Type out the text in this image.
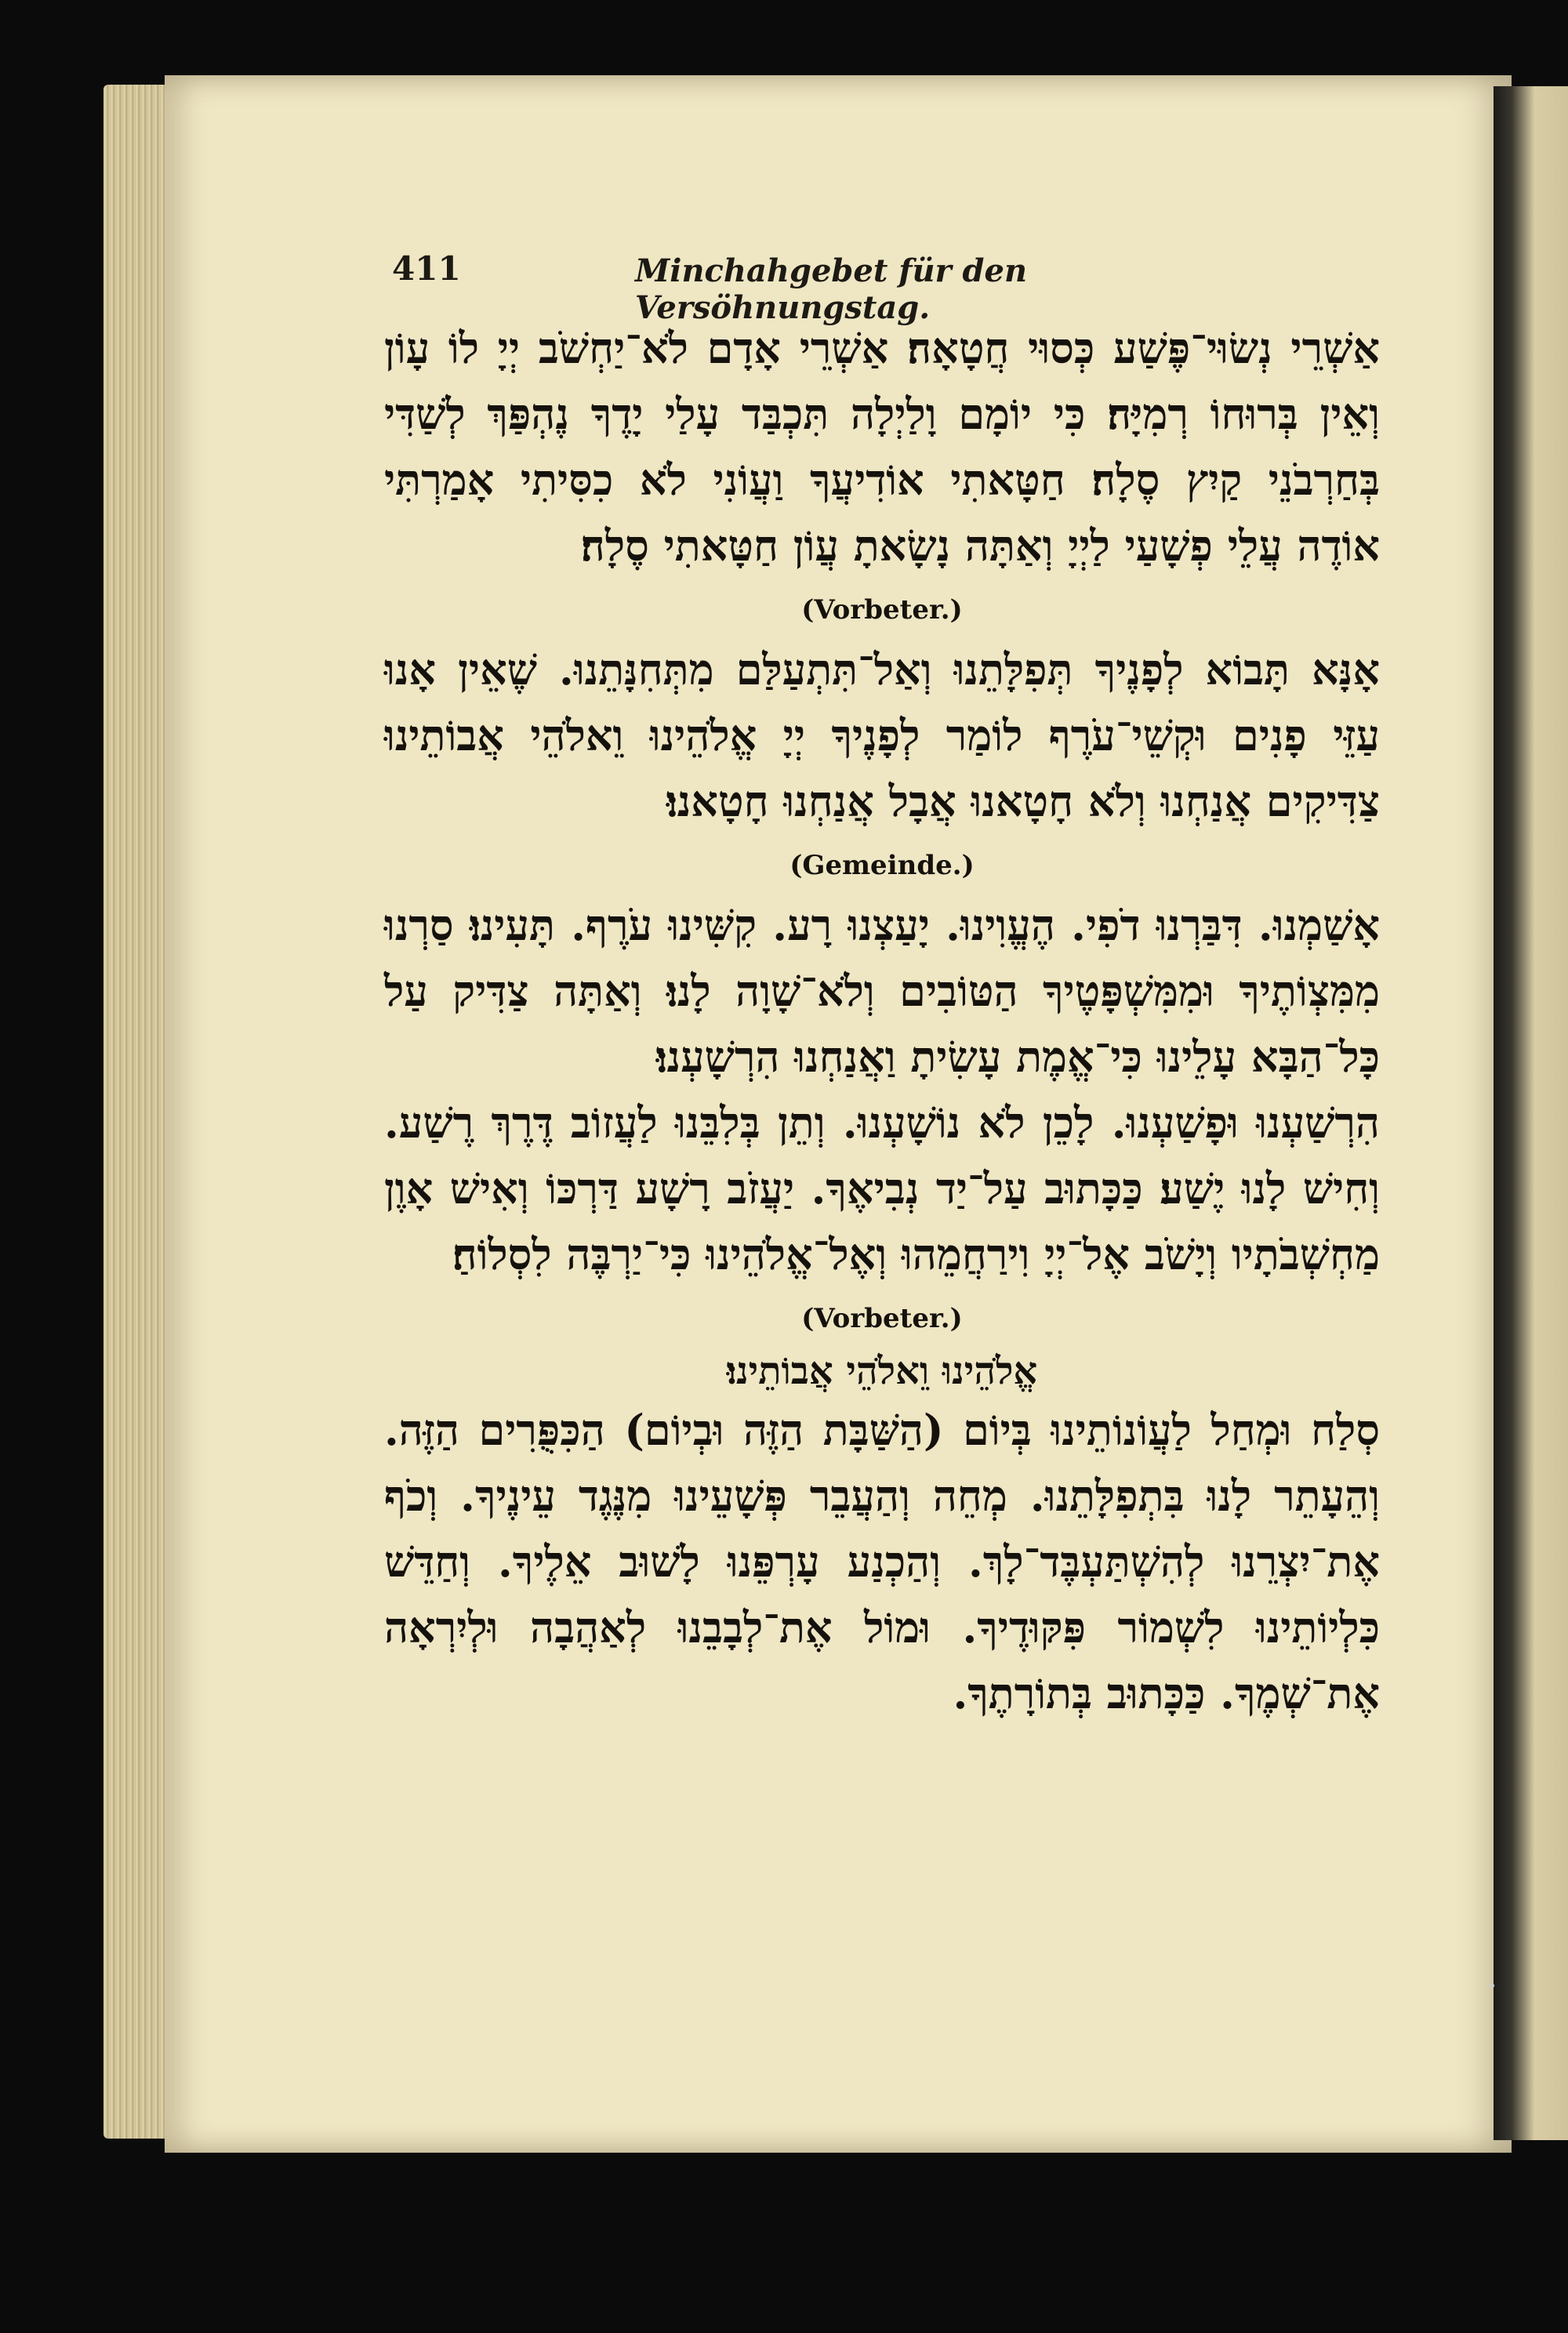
411	Minchahgebet für den Versöhnungstag.

אַשְׁרֵי נְשׂוּי־פֶּשַׁע כְּסוּי חֲטָאָה׃ אַשְׁרֵי אָדָם לֹא־יַחְשֹׁב יְיָ לוֹ עָוֹן וְאֵין בְּרוּחוֹ רְמִיָּה׃ כִּי יוֹמָם וָלַיְלָה תִּכְבַּד עָלַי יָדֶךָ נֶהְפַּךְ לְשַׁדִּי בְּחַרְבֹנֵי קַיִץ סֶלָה׃ חַטָּאתִי אוֹדִיעֲךָ וַעֲוֹנִי לֹא כִסִּיתִי אָמַרְתִּי אוֹדֶה עֲלֵי פְשָׁעַי לַיְיָ וְאַתָּה נָשָׂאתָ עֲוֹן חַטָּאתִי סֶלָה׃

(Vorbeter.)

אָנָּא תָּבוֹא לְפָנֶיךָ תְּפִלָּתֵנוּ וְאַל־תִּתְעַלַּם מִתְּחִנָּתֵנוּ. שֶׁאֵין אָנוּ עַזֵּי פָנִים וּקְשֵׁי־עֹרֶף לוֹמַר לְפָנֶיךָ יְיָ אֱלֹהֵינוּ וֵאלֹהֵי אֲבוֹתֵינוּ צַדִּיקִים אֲנַחְנוּ וְלֹא חָטָאנוּ אֲבָל אֲנַחְנוּ חָטָאנוּ׃

(Gemeinde.)

אָשַׁמְנוּ. דִּבַּרְנוּ דֹפִי. הֶעֱוִינוּ. יָעַצְנוּ רָע. קִשִּׁינוּ עֹרֶף. תָּעִינוּ׃ סַרְנוּ מִמִּצְוֹתֶיךָ וּמִמִּשְׁפָּטֶיךָ הַטּוֹבִים וְלֹא־שָׁוָה לָנוּ׃ וְאַתָּה צַדִּיק עַל כָּל־הַבָּא עָלֵינוּ כִּי־אֱמֶת עָשִׂיתָ וַאֲנַחְנוּ הִרְשָׁעְנוּ׃

הִרְשַׁעְנוּ וּפָשַׁעְנוּ. לָכֵן לֹא נוֹשָׁעְנוּ. וְתֵן בְּלִבֵּנוּ לַעֲזוֹב דֶּרֶךְ רֶשַׁע. וְחִישׁ לָנוּ יֶשַׁע׃ כַּכָּתוּב עַל־יַד נְבִיאֶךָ. יַעֲזֹב רָשָׁע דַּרְכּוֹ וְאִישׁ אָוֶן מַחְשְׁבֹתָיו וְיָשֹׁב אֶל־יְיָ וִירַחֲמֵהוּ וְאֶל־אֱלֹהֵינוּ כִּי־יַרְבֶּה לִסְלוֹחַ׃

(Vorbeter.)
אֱלֹהֵינוּ וֵאלֹהֵי אֲבוֹתֵינוּ׃

סְלַח וּמְחַל לַעֲוֹנוֹתֵינוּ בְּיוֹם (הַשַּׁבָּת הַזֶּה וּבְיוֹם) הַכִּפֻּרִים הַזֶּה. וְהֵעָתֵר לָנוּ בִּתְפִלָּתֵנוּ. מְחֵה וְהַעֲבֵר פְּשָׁעֵינוּ מִנֶּגֶד עֵינֶיךָ. וְכֹף אֶת־יִצְרֵנוּ לְהִשְׁתַּעְבֶּד־לָךְ. וְהַכְנַע עָרְפֵּנוּ לָשׁוּב אֵלֶיךָ. וְחַדֵּשׁ כִּלְיוֹתֵינוּ לִשְׁמוֹר פִּקּוּדֶיךָ. וּמוֹל אֶת־לְבָבֵנוּ לְאַהֲבָה וּלְיִרְאָה אֶת־שְׁמֶךָ. כַּכָּתוּב בְּתוֹרָתֶךָ.
